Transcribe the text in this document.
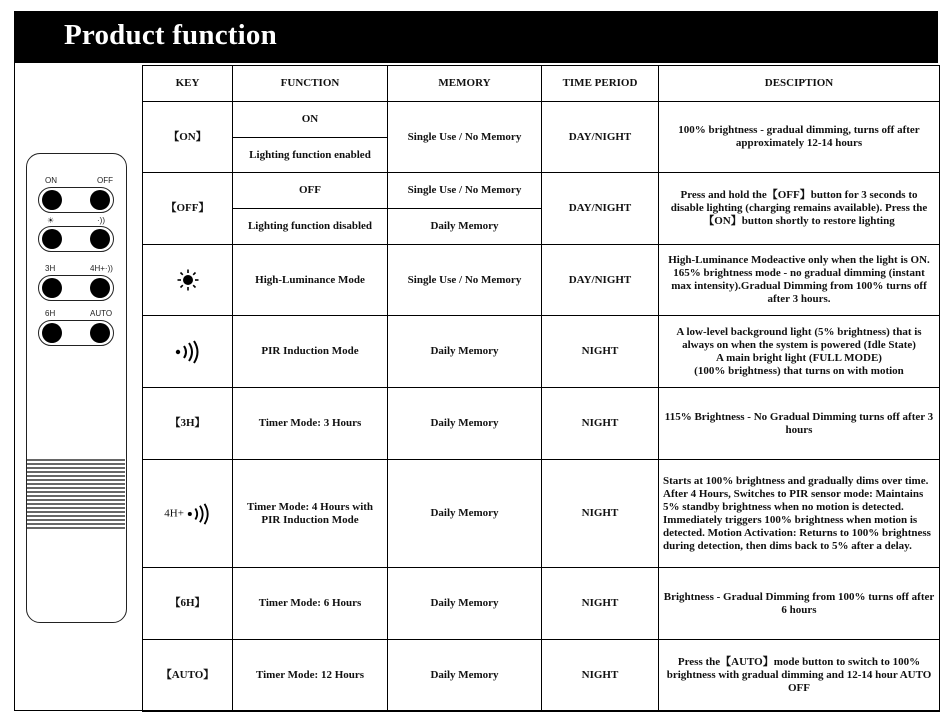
Product function
ON	OFF
☀	·))
3H	4H+·))
6H	AUTO
KEY	FUNCTION	MEMORY	TIME PERIOD	DESCIPTION
【ON】	ON	Single Use / No Memory	DAY/NIGHT	100% brightness - gradual dimming, turns off after approximately 12-14 hours
	Lighting function enabled			
【OFF】	OFF	Single Use / No Memory	DAY/NIGHT	Press and hold the【OFF】button for 3 seconds to disable lighting (charging remains available). Press the【ON】button shortly to restore lighting
	Lighting function disabled	Daily Memory		
	High-Luminance Mode	Single Use / No Memory	DAY/NIGHT	High-Luminance Modeactive only when the light is ON. 165% brightness mode - no gradual dimming (instant max intensity).Gradual Dimming from 100% turns off after 3 hours.
	PIR Induction Mode	Daily Memory	NIGHT	A low-level background light (5% brightness) that is always on when the system is powered (Idle State)
A main bright light (FULL MODE)
(100% brightness) that turns on with motion

【3H】	Timer Mode: 3 Hours	Daily Memory	NIGHT	115% Brightness - No Gradual Dimming turns off after 3 hours
4H+	Timer Mode: 4 Hours with PIR Induction Mode	Daily Memory	NIGHT	Starts at 100% brightness and gradually dims over time. After 4 Hours, Switches to PIR sensor mode: Maintains 5% standby brightness when no motion is detected. Immediately triggers 100% brightness when motion is detected. Motion Activation: Returns to 100% brightness during detection, then dims back to 5% after a delay.
【6H】	Timer Mode: 6 Hours	Daily Memory	NIGHT	Brightness - Gradual Dimming from 100% turns off after 6 hours
【AUTO】	Timer Mode: 12 Hours	Daily Memory	NIGHT	Press the【AUTO】mode button to switch to 100% brightness with gradual dimming and 12-14 hour AUTO OFF
